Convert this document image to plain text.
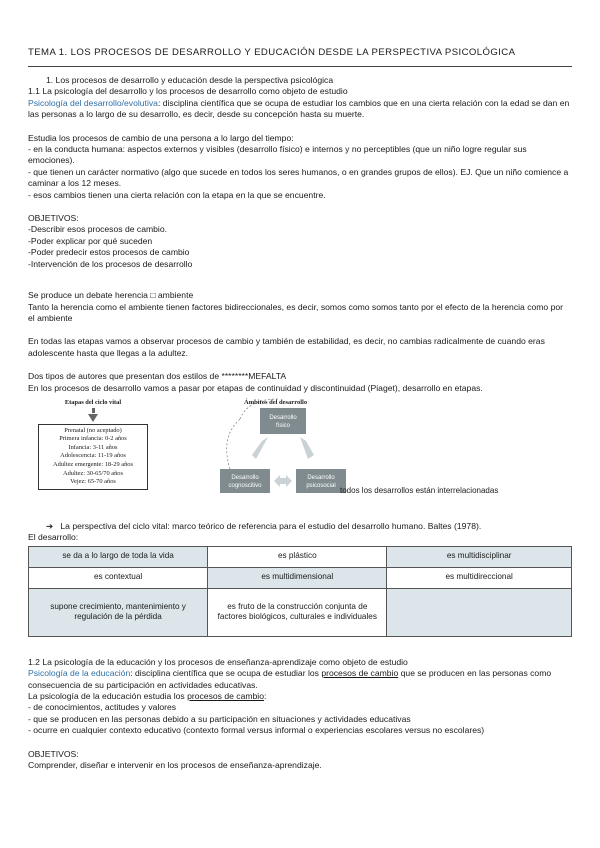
TEMA 1. LOS PROCESOS DE DESARROLLO Y EDUCACIÓN DESDE LA PERSPECTIVA PSICOLÓGICA

1. Los procesos de desarrollo y educación desde la perspectiva psicológica

1.1 La psicología del desarrollo y los procesos de desarrollo como objeto de estudio

Psicología del desarrollo/evolutiva: disciplina científica que se ocupa de estudiar los cambios que en una cierta relación con la edad se dan en las personas a lo largo de su desarrollo, es decir, desde su concepción hasta su muerte.

Estudia los procesos de cambio de una persona a lo largo del tiempo:

- en la conducta humana: aspectos externos y visibles (desarrollo físico) e internos y no perceptibles (que un niño logre regular sus emociones).

- que tienen un carácter normativo (algo que sucede en todos los seres humanos, o en grandes grupos de ellos). EJ. Que un niño comience a caminar a los 12 meses.

- esos cambios tienen una cierta relación con la etapa en la que se encuentre.

OBJETIVOS:

-Describir esos procesos de cambio.

-Poder explicar por qué suceden

-Poder predecir estos procesos de cambio

-Intervención de los procesos de desarrollo

Se produce un debate herencia □ ambiente

Tanto la herencia como el ambiente tienen factores bidireccionales, es decir, somos como somos tanto por el efecto de la herencia como por el ambiente

En todas las etapas vamos a observar procesos de cambio y también de estabilidad, es decir, no cambias radicalmente de cuando eras adolescente hasta que llegas a la adultez.

Dos tipos de autores que presentan dos estilos de ********MEFALTA

En los procesos de desarrollo vamos a pasar por etapas de continuidad y discontinuidad (Piaget), desarrollo en etapas.

Etapas del ciclo vital
Prenatal (no aceptado)
Primera infancia: 0-2 años
Infancia: 3-11 años
Adolescencia: 11-19 años
Adultez emergente: 18-29 años
Adultez: 30-65/70 años
Vejez: 65-70 años
Ámbitos del desarrollo
Desarrollo
físico
Desarrollo
cognoscitivo
Desarrollo
psicosocial todos los desarrollos están interrelacionadas

➔   La perspectiva del ciclo vital: marco teórico de referencia para el estudio del desarrollo humano. Baltes (1978).

El desarrollo:

se da a lo largo de toda la vida	es plástico	es multidisciplinar
es contextual	es multidimensional	es multidireccional
supone crecimiento, mantenimiento y regulación de la pérdida	es fruto de la construcción conjunta de factores biológicos, culturales e individuales	

1.2 La psicología de la educación y los procesos de enseñanza-aprendizaje como objeto de estudio

Psicología de la educación: disciplina científica que se ocupa de estudiar los procesos de cambio que se producen en las personas como consecuencia de su participación en actividades educativas.

La psicología de la educación estudia los procesos de cambio:

- de conocimientos, actitudes y valores

- que se producen en las personas debido a su participación en situaciones y actividades educativas

- ocurre en cualquier contexto educativo (contexto formal versus informal o experiencias escolares versus no escolares)

OBJETIVOS:

Comprender, diseñar e intervenir en los procesos de enseñanza-aprendizaje.
